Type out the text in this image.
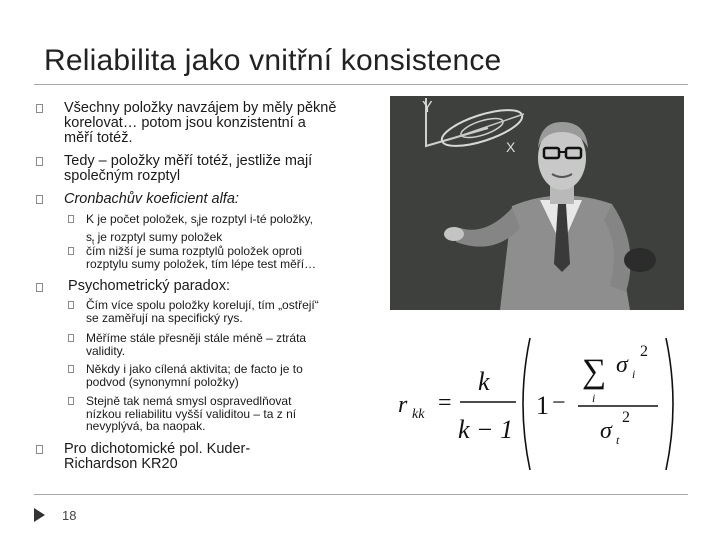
Reliabilita jako vnitřní konsistence
Všechny položky navzájem by měly pěkně
korelovat… potom jsou konzistentní a
měří totéž.
Tedy – položky měří totéž, jestliže mají
společným rozptyl
Cronbachův koeficient alfa:
K je počet položek, $s_ije$ rozptyl i-té položky,
$s_t$ je rozptyl sumy položek
čím nižší je suma rozptylů položek oproti
rozptylu sumy položek, tím lépe test měří…
Psychometrický paradox:
Čím více spolu položky korelují, tím „ostřejí“
se zaměřují na specifický rys.
Měříme stále přesněji stále méně – ztráta
validity.
Někdy i jako cílená aktivita; de facto je to
podvod (synonymní položky)
Stejně tak nemá smysl ospravedlňovat
nízkou reliabilitu vyšší validitou – ta z ní
nevyplývá, ba naopak.
Pro dichotomické pol. Kuder-
Richardson KR20
Y
X
r kk =
k
k − 1
1 −
∑
i
σ i
2
σ t
2
18
